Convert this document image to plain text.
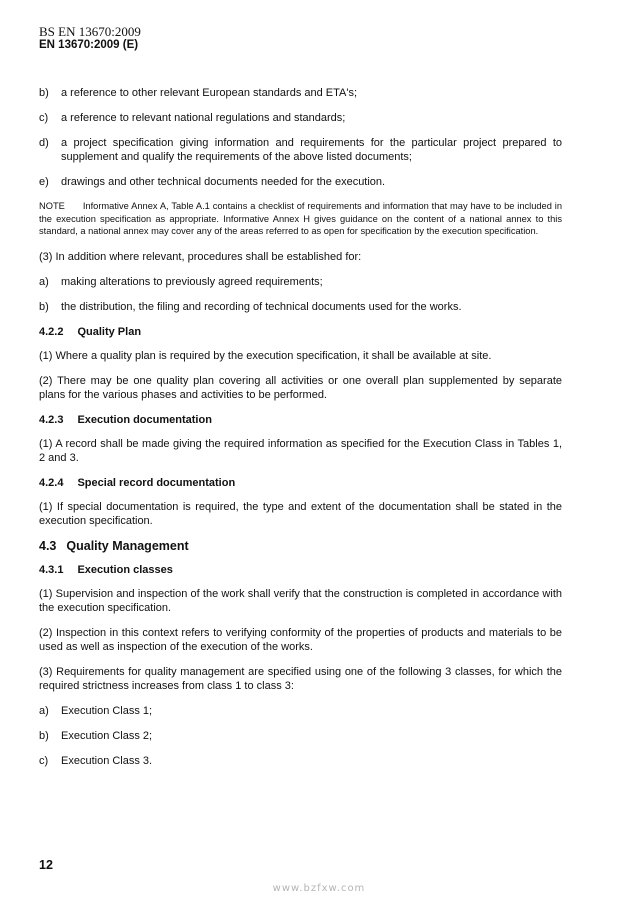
BS EN 13670:2009
EN 13670:2009 (E)
b)	a reference to other relevant European standards and ETA's;
c)	a reference to relevant national regulations and standards;
d)	a project specification giving information and requirements for the particular project prepared to supplement and qualify the requirements of the above listed documents;
e)	drawings and other technical documents needed for the execution.
NOTE Informative Annex A, Table A.1 contains a checklist of requirements and information that may have to be included in the execution specification as appropriate. Informative Annex H gives guidance on the content of a national annex to this standard, a national annex may cover any of the areas referred to as open for specification by the execution specification.
(3) In addition where relevant, procedures shall be established for:
a)	making alterations to previously agreed requirements;
b)	the distribution, the filing and recording of technical documents used for the works.
4.2.2 Quality Plan
(1) Where a quality plan is required by the execution specification, it shall be available at site.
(2) There may be one quality plan covering all activities or one overall plan supplemented by separate plans for the various phases and activities to be performed.
4.2.3 Execution documentation
(1) A record shall be made giving the required information as specified for the Execution Class in Tables 1, 2 and 3.
4.2.4 Special record documentation
(1) If special documentation is required, the type and extent of the documentation shall be stated in the execution specification.
4.3 Quality Management
4.3.1 Execution classes
(1) Supervision and inspection of the work shall verify that the construction is completed in accordance with the execution specification.
(2) Inspection in this context refers to verifying conformity of the properties of products and materials to be used as well as inspection of the execution of the works.
(3) Requirements for quality management are specified using one of the following 3 classes, for which the required strictness increases from class 1 to class 3:
a)	Execution Class 1;
b)	Execution Class 2;
c)	Execution Class 3.
12
www.bzfxw.com
